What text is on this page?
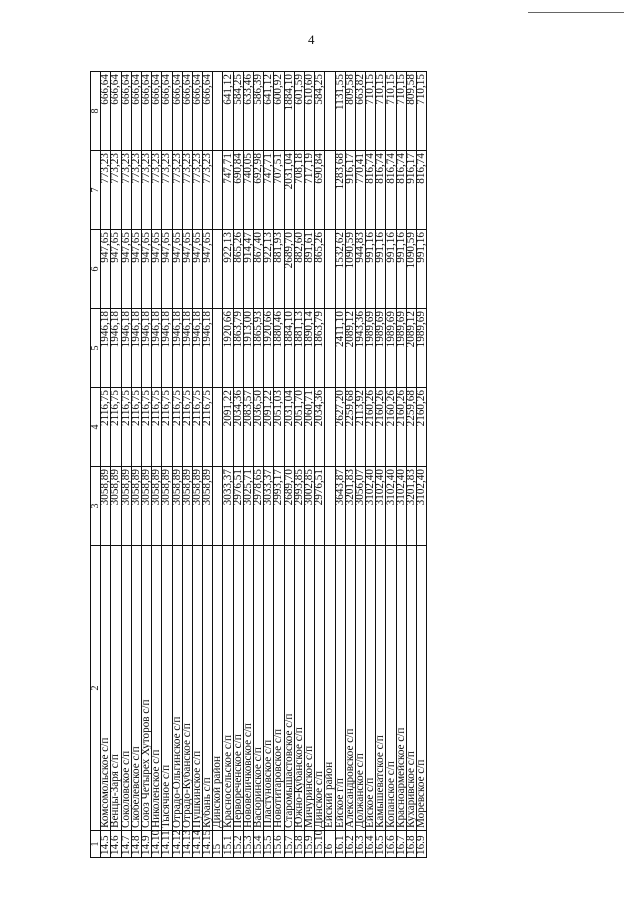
4
1	2	3	4	5	6	7	8
14.5	Комсомольское с/п	3058,89	2116,75	1946,18	947,65	773,23	666,64
14.6	Венцы-Заря с/п	3058,89	2116,75	1946,18	947,65	773,23	666,64
14.7	Соколовское с/п	3058,89	2116,75	1946,18	947,65	773,23	666,64
14.8	Скобелевское с/п	3058,89	2116,75	1946,18	947,65	773,23	666,64
14.9	Союз Четырех Хуторов с/п	3058,89	2116,75	1946,18	947,65	773,23	666,64
14.10	Николенское с/п	3058,89	2116,75	1946,18	947,65	773,23	666,64
14.11	Тысячное с/п	3058,89	2116,75	1946,18	947,65	773,23	666,64
14.12	Отрадо-Ольгинское с/п	3058,89	2116,75	1946,18	947,65	773,23	666,64
14.13	Отрадо-Кубанское с/п	3058,89	2116,75	1946,18	947,65	773,23	666,64
14.14	Пушкинское с/п	3058,89	2116,75	1946,18	947,65	773,23	666,64
14.15	Кубань с/п	3058,89	2116,75	1946,18	947,65	773,23	666,64
15	Динской район						
15.1	Красносельское с/п	3033,37	2091,22	1920,66	922,13	747,71	641,12
15.2	Первореченское с/п	2976,51	2034,36	1863,79	865,26	690,84	584,25
15.3	Нововеличковское с/п	3025,71	2083,57	1913,00	914,47	740,05	633,46
15.4	Васюринское с/п	2978,65	2036,50	1865,93	867,40	692,98	586,39
15.5	Пластуновское с/п	3033,37	2091,22	1920,66	922,13	747,71	641,12
15.6	Новотитаровское с/п	2993,17	2051,03	1880,46	881,93	707,51	600,92
15.7	Старомышастовское с/п	2689,70	2031,04	1884,10	2689,70	2031,04	1884,10
15.8	Южно-Кубанское с/п	2993,85	2051,70	1881,13	882,60	708,18	601,59
15.9	Мичуринское с/п	3002,85	2060,71	1890,14	891,61	717,19	610,60
15.10	Динское с/п	2976,51	2034,36	1863,79	865,26	690,84	584,25
16	Ейский район						
16.1	Ейское г/п	3643,87	2627,20	2411,10	1532,62	1283,68	1131,55
16.2	Александровское с/п	3201,83	2259,68	2089,12	1090,59	916,17	809,58
16.3	Должанское с/п	3056,07	2113,92	1943,36	944,83	770,41	663,82
16.4	Ейское с/п	3102,40	2160,26	1989,69	991,16	816,74	710,15
16.5	Камышеватское с/п	3102,40	2160,26	1989,69	991,16	816,74	710,15
16.6	Копанское с/п	3102,40	2160,26	1989,69	991,16	816,74	710,15
16.7	Красноармейское с/п	3102,40	2160,26	1989,69	991,16	816,74	710,15
16.8	Кухаривское с/п	3201,83	2259,68	2089,12	1090,59	916,17	809,58
16.9	Моревское с/п	3102,40	2160,26	1989,69	991,16	816,74	710,15
